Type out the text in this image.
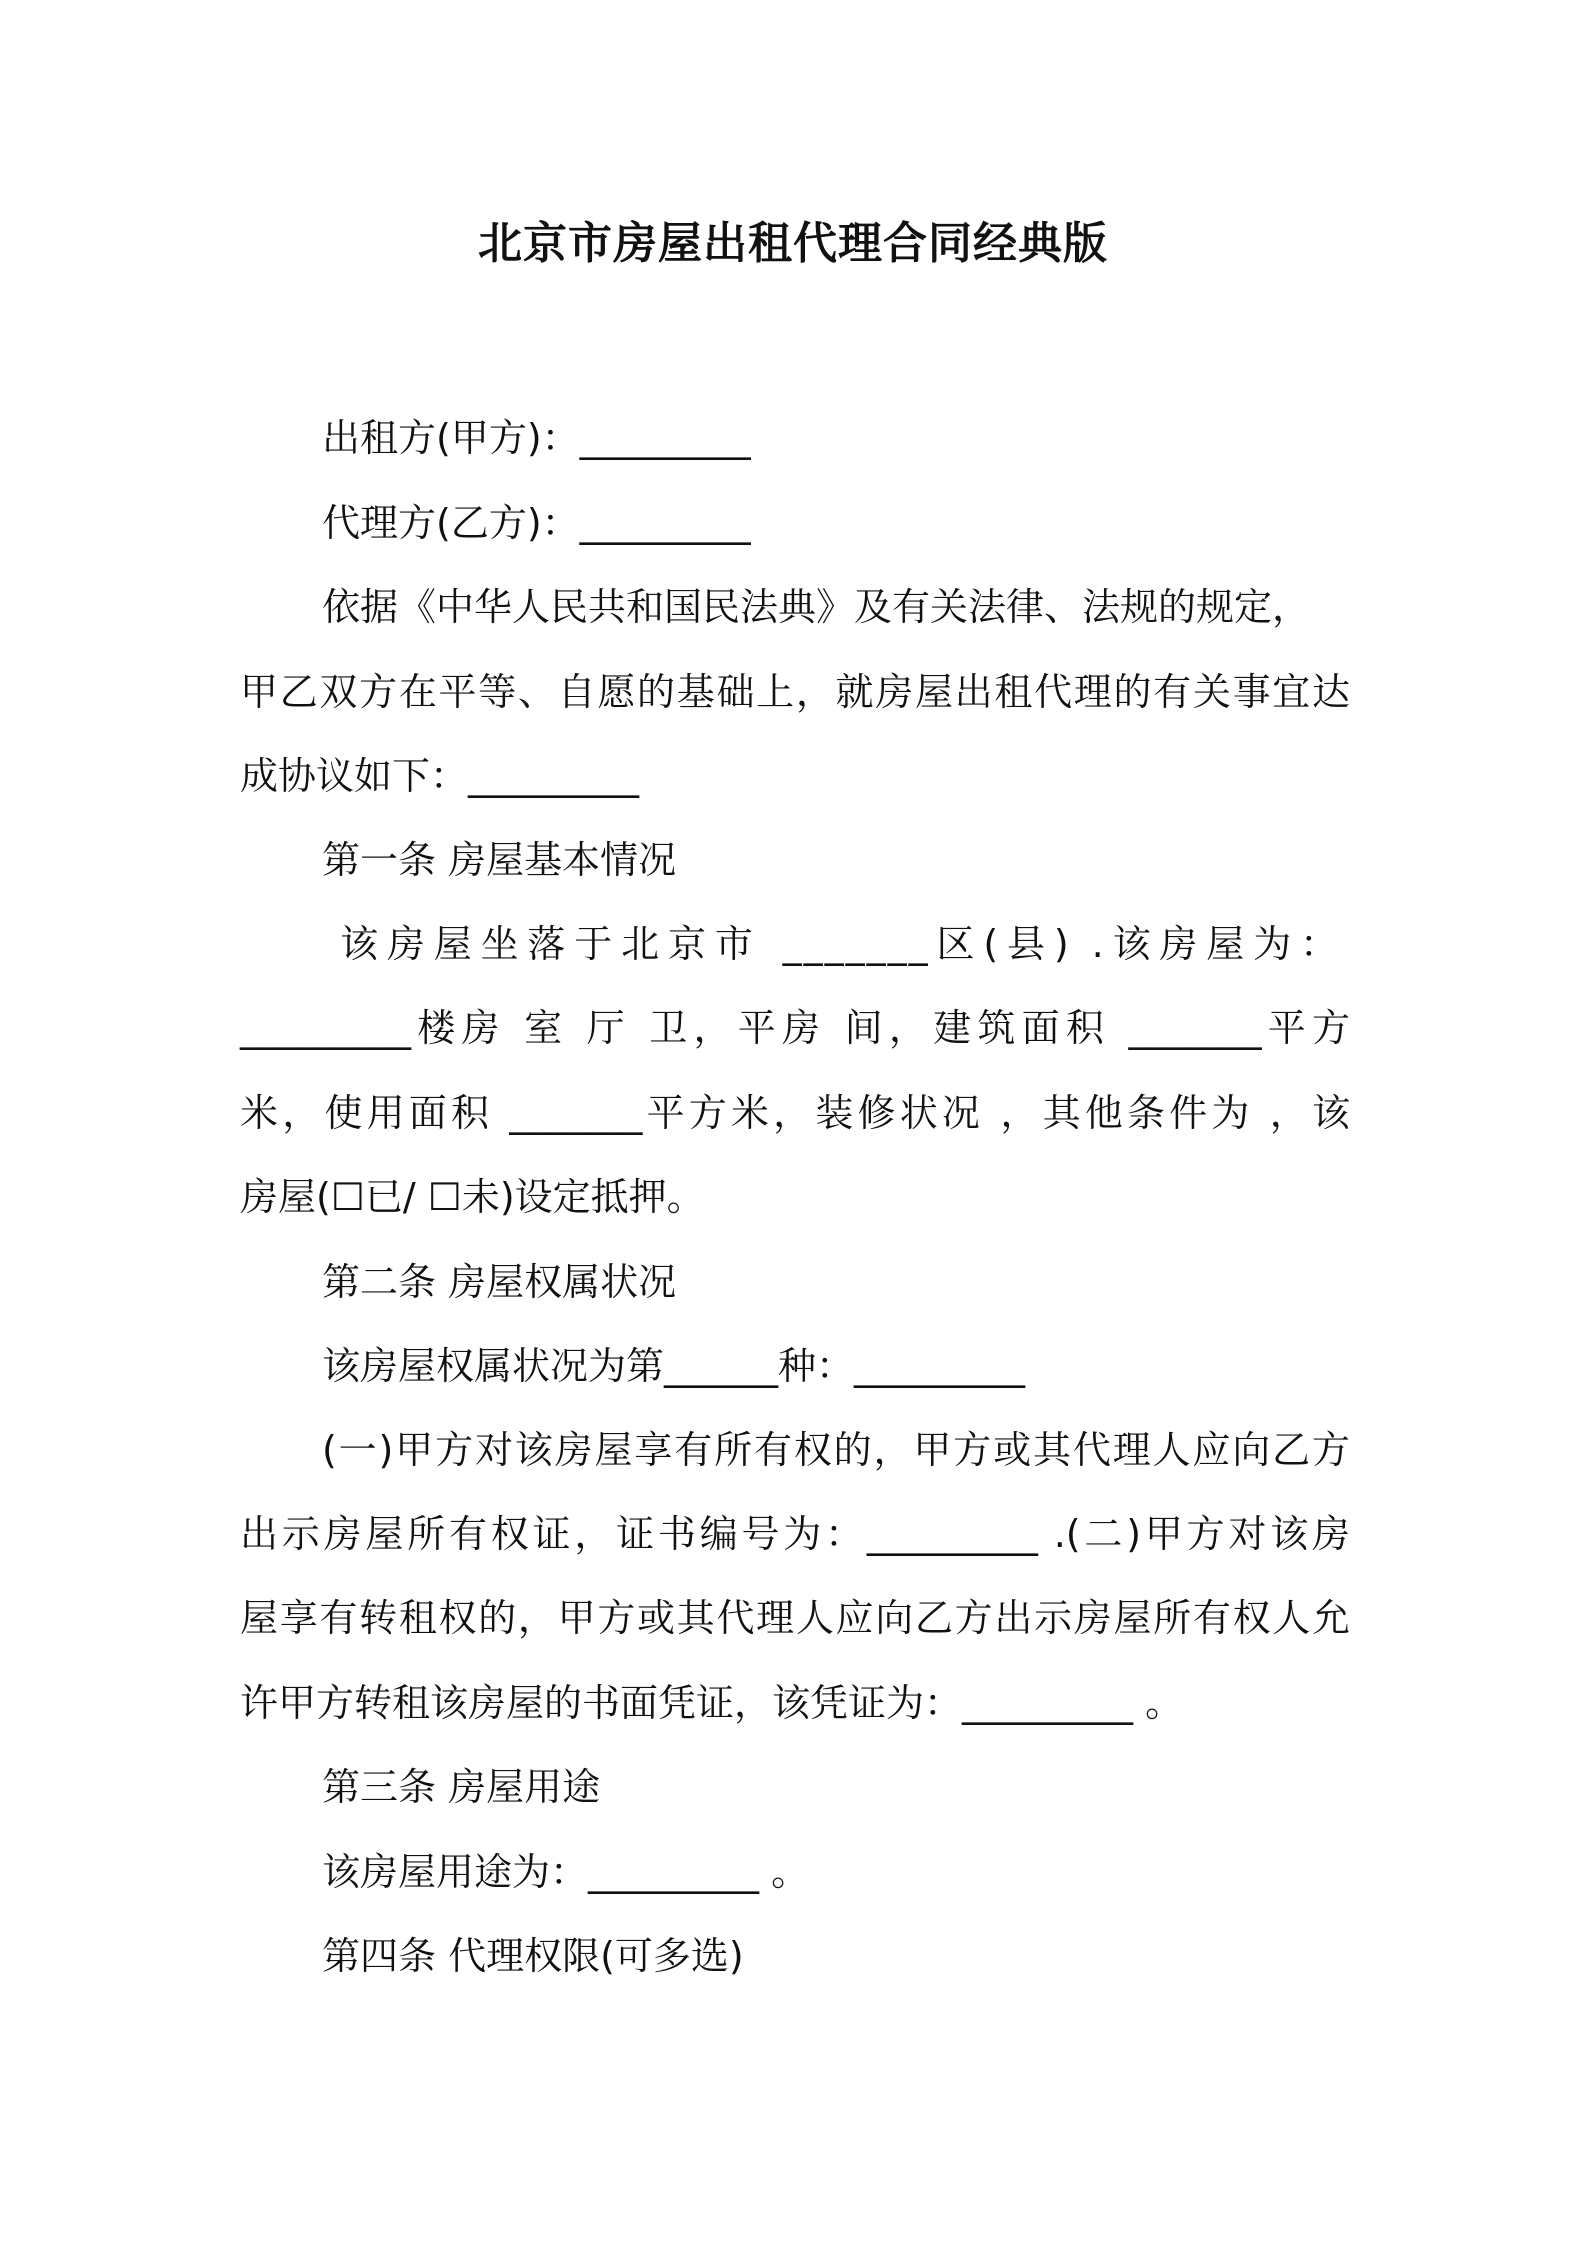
北京市房屋出租代理合同经典版
出租方(甲方)：_________
代理方(乙方)：_________
依据《中华人民共和国民法典》及有关法律、法规的规定，
甲乙双方在平等、自愿的基础上，就房屋出租代理的有关事宜达
成协议如下：_________
第一条 房屋基本情况
该房屋坐落于北京市 _______区(县) .该房屋为：
_________楼房 室 厅 卫，平房 间，建筑面积 _______平方
米，使用面积 _______平方米，装修状况 ，其他条件为 ，该
房屋(☐已/ ☐未)设定抵押。
第二条 房屋权属状况
该房屋权属状况为第______种：_________
(一)甲方对该房屋享有所有权的，甲方或其代理人应向乙方
出示房屋所有权证，证书编号为：_________ .(二)甲方对该房
屋享有转租权的，甲方或其代理人应向乙方出示房屋所有权人允
许甲方转租该房屋的书面凭证，该凭证为：_________ 。
第三条 房屋用途
该房屋用途为：_________ 。
第四条 代理权限(可多选)
